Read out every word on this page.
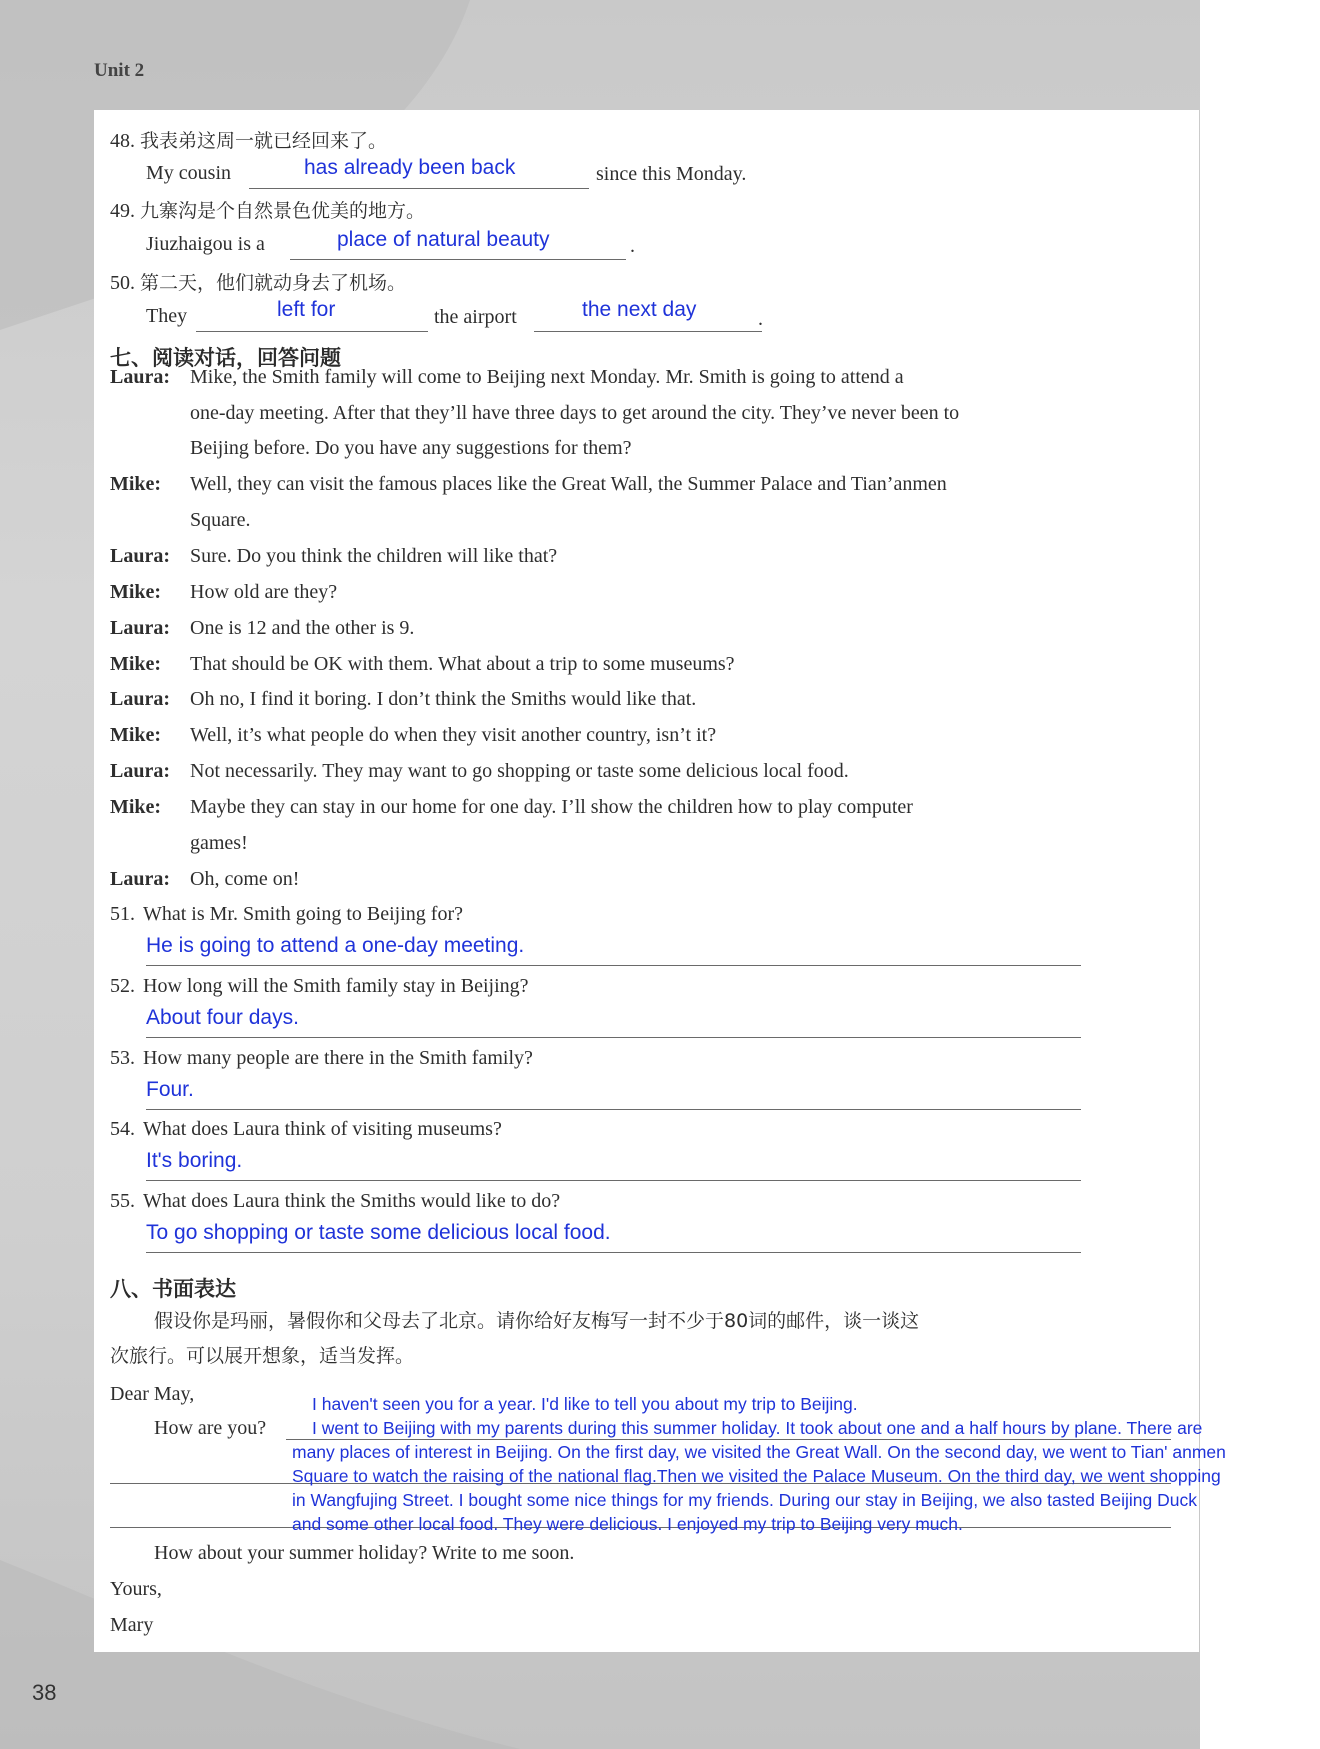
Unit 2
38
48. 我表弟这周一就已经回来了。
My cousin	has already been back	since this Monday.
49. 九寨沟是个自然景色优美的地方。
Jiuzhaigou is a	place of natural beauty	.
50. 第二天，他们就动身去了机场。
They	left for	the airport	the next day	.
七、阅读对话，回答问题
Laura: Mike, the Smith family will come to Beijing next Monday. Mr. Smith is going to attend a
one-day meeting. After that they’ll have three days to get around the city. They’ve never been to
Beijing before. Do you have any suggestions for them?
Mike: Well, they can visit the famous places like the Great Wall, the Summer Palace and Tian’anmen
Square.
Laura: Sure. Do you think the children will like that?
Mike: How old are they?
Laura: One is 12 and the other is 9.
Mike: That should be OK with them. What about a trip to some museums?
Laura: Oh no, I find it boring. I don’t think the Smiths would like that.
Mike: Well, it’s what people do when they visit another country, isn’t it?
Laura: Not necessarily. They may want to go shopping or taste some delicious local food.
Mike: Maybe they can stay in our home for one day. I’ll show the children how to play computer
games!
Laura: Oh, come on!
51. What is Mr. Smith going to Beijing for?
He is going to attend a one-day meeting.
52. How long will the Smith family stay in Beijing?
About four days.
53. How many people are there in the Smith family?
Four.
54. What does Laura think of visiting museums?
It's boring.
55. What does Laura think the Smiths would like to do?
To go shopping or taste some delicious local food.
八、书面表达
假设你是玛丽，暑假你和父母去了北京。请你给好友梅写一封不少于80词的邮件，谈一谈这
次旅行。可以展开想象，适当发挥。
Dear May,
How are you?
I haven't seen you for a year. I'd like to tell you about my trip to Beijing.
I went to Beijing with my parents during this summer holiday. It took about one and a half hours by plane. There are
many places of interest in Beijing. On the first day, we visited the Great Wall. On the second day, we went to Tian' anmen
Square to watch the raising of the national flag.Then we visited the Palace Museum. On the third day, we went shopping
in Wangfujing Street. I bought some nice things for my friends. During our stay in Beijing, we also tasted Beijing Duck
and some other local food. They were delicious. I enjoyed my trip to Beijing very much.
How about your summer holiday? Write to me soon.
Yours,
Mary
